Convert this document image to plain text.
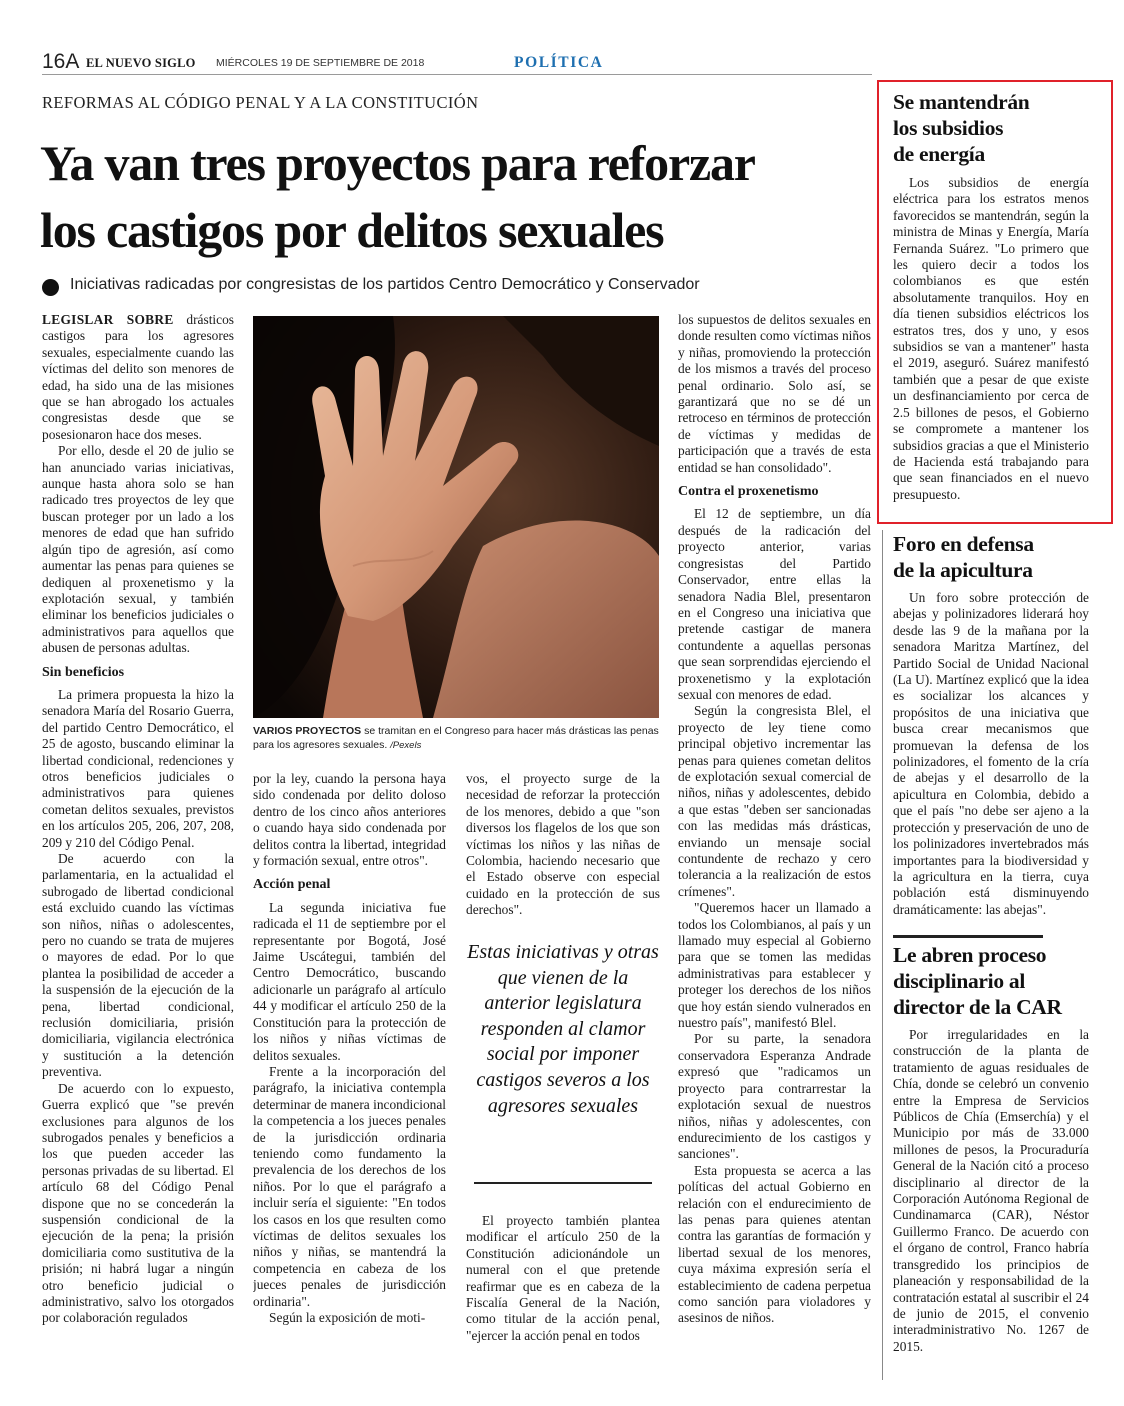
16A EL NUEVO SIGLO MIÉRCOLES 19 DE SEPTIEMBRE DE 2018	POLÍTICA
REFORMAS AL CÓDIGO PENAL Y A LA CONSTITUCIÓN
Ya van tres proyectos para reforzar
los castigos por delitos sexuales
Iniciativas radicadas por congresistas de los partidos Centro Democrático y Conservador

LEGISLAR SOBRE drásticos castigos para los agresores sexuales, especialmente cuando las víctimas del delito son menores de edad, ha sido una de las misiones que se han abrogado los actuales congresistas desde que se posesionaron hace dos meses.

Por ello, desde el 20 de julio se han anunciado varias iniciativas, aunque hasta ahora solo se han radicado tres proyectos de ley que buscan proteger por un lado a los menores de edad que han sufrido algún tipo de agresión, así como aumentar las penas para quienes se dediquen al proxenetismo y la explotación sexual, y también eliminar los beneficios judiciales o administrativos para aquellos que abusen de personas adultas.

Sin beneficios

La primera propuesta la hizo la senadora María del Rosario Guerra, del partido Centro Democrático, el 25 de agosto, buscando eliminar la libertad condicional, redenciones y otros beneficios judiciales o administrativos para quienes cometan delitos sexuales, previstos en los artículos 205, 206, 207, 208, 209 y 210 del Código Penal.

De acuerdo con la parlamentaria, en la actualidad el subrogado de libertad condicional está excluido cuando las víctimas son niños, niñas o adolescentes, pero no cuando se trata de mujeres o mayores de edad. Por lo que plantea la posibilidad de acceder a la suspensión de la ejecución de la pena, libertad condicional, reclusión domiciliaria, prisión domiciliaria, vigilancia electrónica y sustitución a la detención preventiva.

De acuerdo con lo expuesto, Guerra explicó que "se prevén exclusiones para algunos de los subrogados penales y beneficios a los que pueden acceder las personas privadas de su libertad. El artículo 68 del Código Penal dispone que no se concederán la suspensión condicional de la ejecución de la pena; la prisión domiciliaria como sustitutiva de la prisión; ni habrá lugar a ningún otro beneficio judicial o administrativo, salvo los otorgados por colaboración regulados

VARIOS PROYECTOS se tramitan en el Congreso para hacer más drásticas las penas para los agresores sexuales. /Pexels

por la ley, cuando la persona haya sido condenada por delito doloso dentro de los cinco años anteriores o cuando haya sido condenada por delitos contra la libertad, integridad y formación sexual, entre otros".

Acción penal

La segunda iniciativa fue radicada el 11 de septiembre por el representante por Bogotá, José Jaime Uscátegui, también del Centro Democrático, buscando adicionarle un parágrafo al artículo 44 y modificar el artículo 250 de la Constitución para la protección de los niños y niñas víctimas de delitos sexuales.

Frente a la incorporación del parágrafo, la iniciativa contempla determinar de manera incondicional la competencia a los jueces penales de la jurisdicción ordinaria teniendo como fundamento la prevalencia de los derechos de los niños. Por lo que el parágrafo a incluir sería el siguiente: "En todos los casos en los que resulten como víctimas de delitos sexuales los niños y niñas, se mantendrá la competencia en cabeza de los jueces penales de jurisdicción ordinaria".

Según la exposición de moti-

vos, el proyecto surge de la necesidad de reforzar la protección de los menores, debido a que "son diversos los flagelos de los que son víctimas los niños y las niñas de Colombia, haciendo necesario que el Estado observe con especial cuidado en la protección de sus derechos".

Estas iniciativas y otras que vienen de la anterior legislatura responden al clamor social por imponer castigos severos a los agresores sexuales

El proyecto también plantea modificar el artículo 250 de la Constitución adicionándole un numeral con el que pretende reafirmar que es en cabeza de la Fiscalía General de la Nación, como titular de la acción penal, "ejercer la acción penal en todos

los supuestos de delitos sexuales en donde resulten como víctimas niños y niñas, promoviendo la protección de los mismos a través del proceso penal ordinario. Solo así, se garantizará que no se dé un retroceso en términos de protección de víctimas y medidas de participación que a través de esta entidad se han consolidado".

Contra el proxenetismo

El 12 de septiembre, un día después de la radicación del proyecto anterior, varias congresistas del Partido Conservador, entre ellas la senadora Nadia Blel, presentaron en el Congreso una iniciativa que pretende castigar de manera contundente a aquellas personas que sean sorprendidas ejerciendo el proxenetismo y la explotación sexual con menores de edad.

Según la congresista Blel, el proyecto de ley tiene como principal objetivo incrementar las penas para quienes cometan delitos de explotación sexual comercial de niños, niñas y adolescentes, debido a que estas "deben ser sancionadas con las medidas más drásticas, enviando un mensaje social contundente de rechazo y cero tolerancia a la realización de estos crímenes".

"Queremos hacer un llamado a todos los Colombianos, al país y un llamado muy especial al Gobierno para que se tomen las medidas administrativas para establecer y proteger los derechos de los niños que hoy están siendo vulnerados en nuestro país", manifestó Blel.

Por su parte, la senadora conservadora Esperanza Andrade expresó que "radicamos un proyecto para contrarrestar la explotación sexual de nuestros niños, niñas y adolescentes, con endurecimiento de los castigos y sanciones".

Esta propuesta se acerca a las políticas del actual Gobierno en relación con el endurecimiento de las penas para quienes atentan contra las garantías de formación y libertad sexual de los menores, cuya máxima expresión sería el establecimiento de cadena perpetua como sanción para violadores y asesinos de niños.

Se mantendrán
los subsidios
de energía

Los subsidios de energía eléctrica para los estratos menos favorecidos se mantendrán, según la ministra de Minas y Energía, María Fernanda Suárez. "Lo primero que les quiero decir a todos los colombianos es que estén absolutamente tranquilos. Hoy en día tienen subsidios eléctricos los estratos tres, dos y uno, y esos subsidios se van a mantener" hasta el 2019, aseguró. Suárez manifestó también que a pesar de que existe un desfinanciamiento por cerca de 2.5 billones de pesos, el Gobierno se compromete a mantener los subsidios gracias a que el Ministerio de Hacienda está trabajando para que sean financiados en el nuevo presupuesto.

Foro en defensa
de la apicultura

Un foro sobre protección de abejas y polinizadores liderará hoy desde las 9 de la mañana por la senadora Maritza Martínez, del Partido Social de Unidad Nacional (La U). Martínez explicó que la idea es socializar los alcances y propósitos de una iniciativa que busca crear mecanismos que promuevan la defensa de los polinizadores, el fomento de la cría de abejas y el desarrollo de la apicultura en Colombia, debido a que el país "no debe ser ajeno a la protección y preservación de uno de los polinizadores invertebrados más importantes para la biodiversidad y la agricultura en la tierra, cuya población está disminuyendo dramáticamente: las abejas".

Le abren proceso
disciplinario al
director de la CAR

Por irregularidades en la construcción de la planta de tratamiento de aguas residuales de Chía, donde se celebró un convenio entre la Empresa de Servicios Públicos de Chía (Emserchía) y el Municipio por más de 33.000 millones de pesos, la Procuraduría General de la Nación citó a proceso disciplinario al director de la Corporación Autónoma Regional de Cundinamarca (CAR), Néstor Guillermo Franco. De acuerdo con el órgano de control, Franco habría transgredido los principios de planeación y responsabilidad de la contratación estatal al suscribir el 24 de junio de 2015, el convenio interadministrativo No. 1267 de 2015.
